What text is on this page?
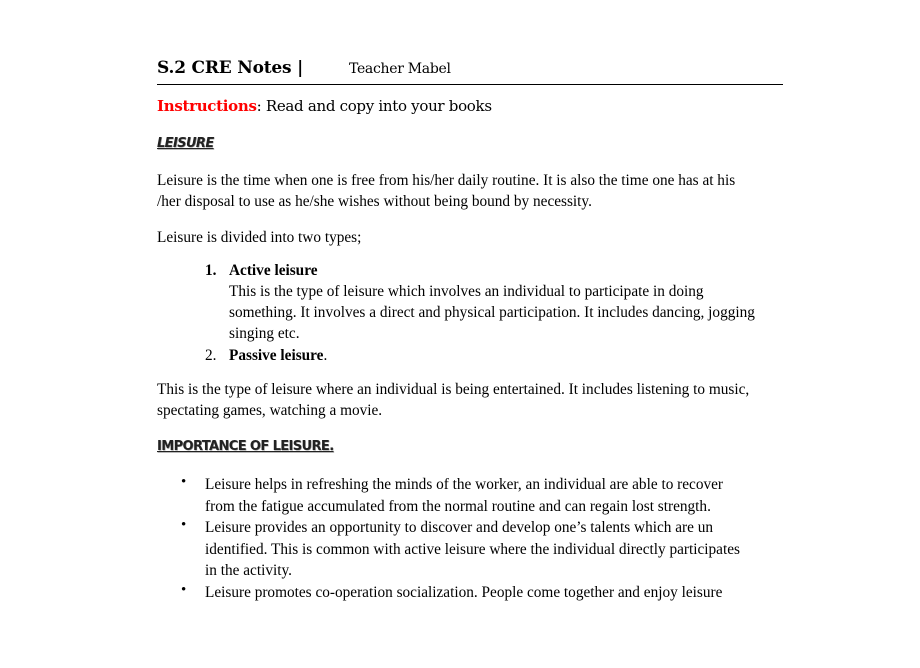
S.2 CRE Notes |	Teacher Mabel
Instructions: Read and copy into your books
LEISURE
Leisure is the time when one is free from his/her daily routine. It is also the time one has at his
/her disposal to use as he/she wishes without being bound by necessity.
Leisure is divided into two types;
1. Active leisure
This is the type of leisure which involves an individual to participate in doing
something. It involves a direct and physical participation. It includes dancing, jogging
singing etc.
2. Passive leisure.
This is the type of leisure where an individual is being entertained. It includes listening to music,
spectating games, watching a movie.
IMPORTANCE OF LEISURE.
• Leisure helps in refreshing the minds of the worker, an individual are able to recover
from the fatigue accumulated from the normal routine and can regain lost strength.
• Leisure provides an opportunity to discover and develop one’s talents which are un
identified. This is common with active leisure where the individual directly participates
in the activity.
• Leisure promotes co-operation socialization. People come together and enjoy leisure
